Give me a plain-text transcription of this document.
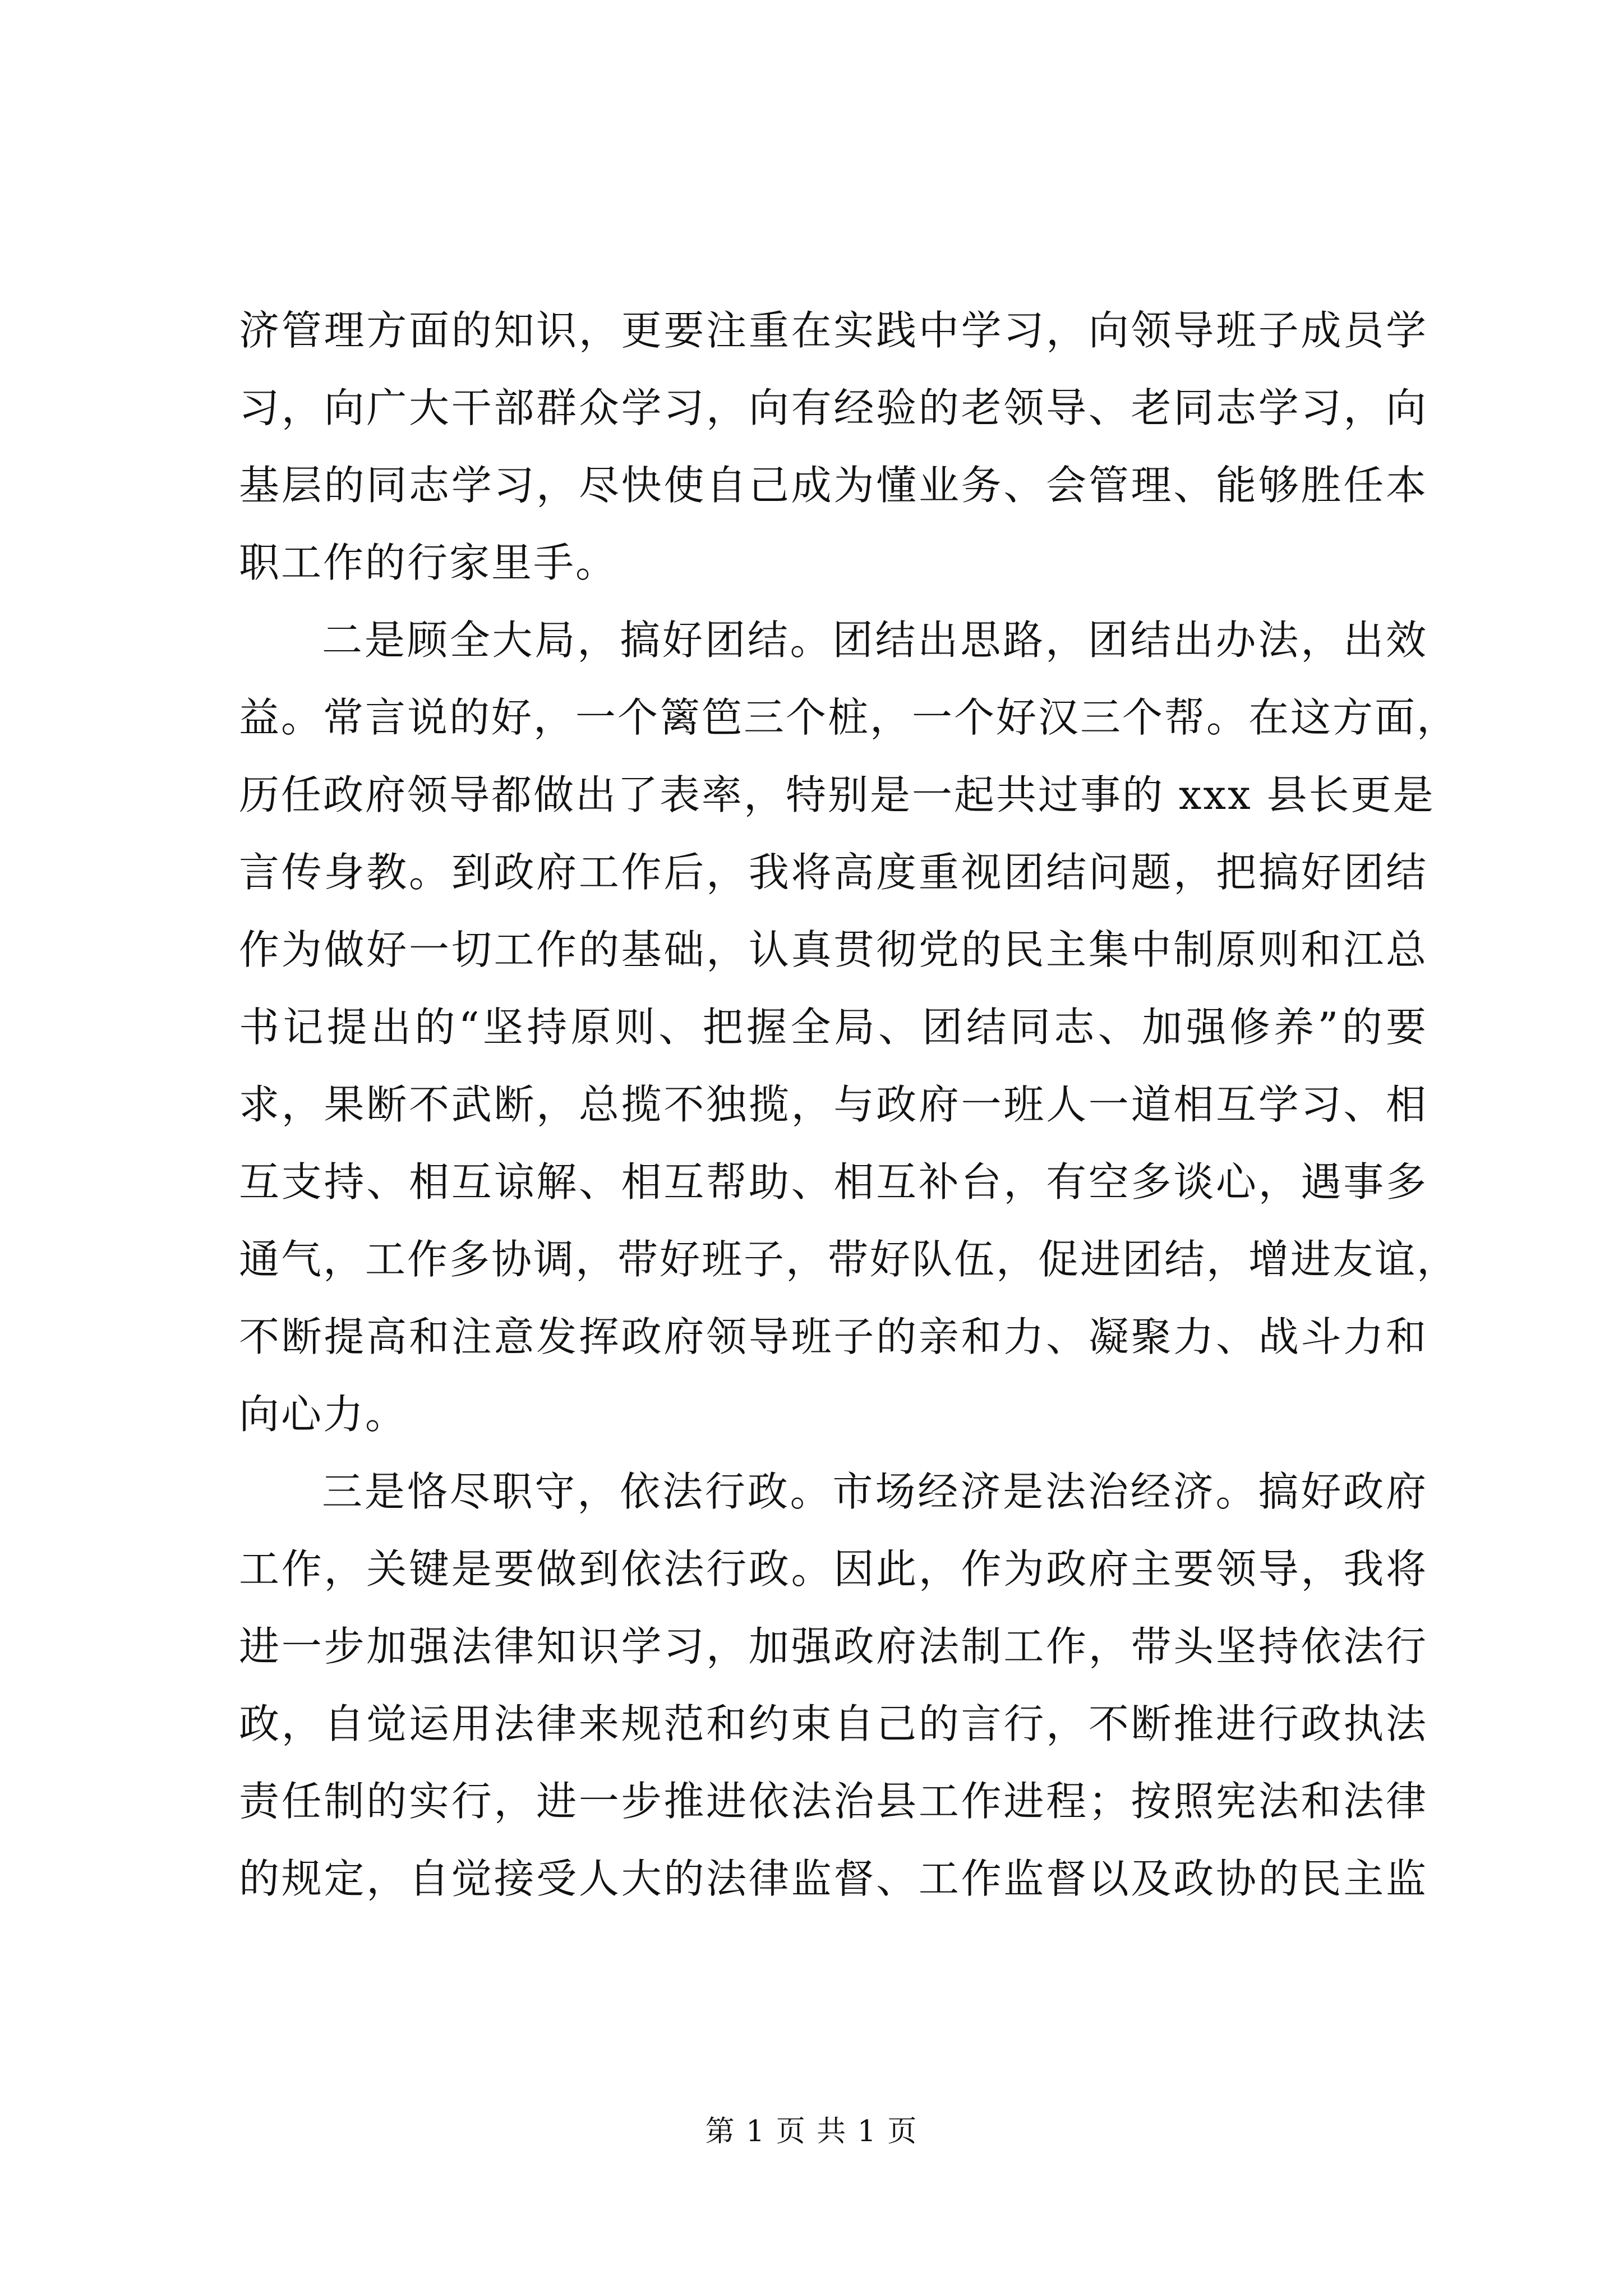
济管理方面的知识，更要注重在实践中学习，向领导班子成员学
习，向广大干部群众学习，向有经验的老领导、老同志学习，向
基层的同志学习，尽快使自己成为懂业务、会管理、能够胜任本
职工作的行家里手。
二是顾全大局，搞好团结。团结出思路，团结出办法，出效
益。常言说的好，一个篱笆三个桩，一个好汉三个帮。在这方面，
历任政府领导都做出了表率，特别是一起共过事的 xxx 县长更是
言传身教。到政府工作后，我将高度重视团结问题，把搞好团结
作为做好一切工作的基础，认真贯彻党的民主集中制原则和江总
书记提出的“坚持原则、把握全局、团结同志、加强修养”的要
求，果断不武断，总揽不独揽，与政府一班人一道相互学习、相
互支持、相互谅解、相互帮助、相互补台，有空多谈心，遇事多
通气，工作多协调，带好班子，带好队伍，促进团结，增进友谊，
不断提高和注意发挥政府领导班子的亲和力、凝聚力、战斗力和
向心力。
三是恪尽职守，依法行政。市场经济是法治经济。搞好政府
工作，关键是要做到依法行政。因此，作为政府主要领导，我将
进一步加强法律知识学习，加强政府法制工作，带头坚持依法行
政，自觉运用法律来规范和约束自己的言行，不断推进行政执法
责任制的实行，进一步推进依法治县工作进程；按照宪法和法律
的规定，自觉接受人大的法律监督、工作监督以及政协的民主监
第 1 页 共 1 页
